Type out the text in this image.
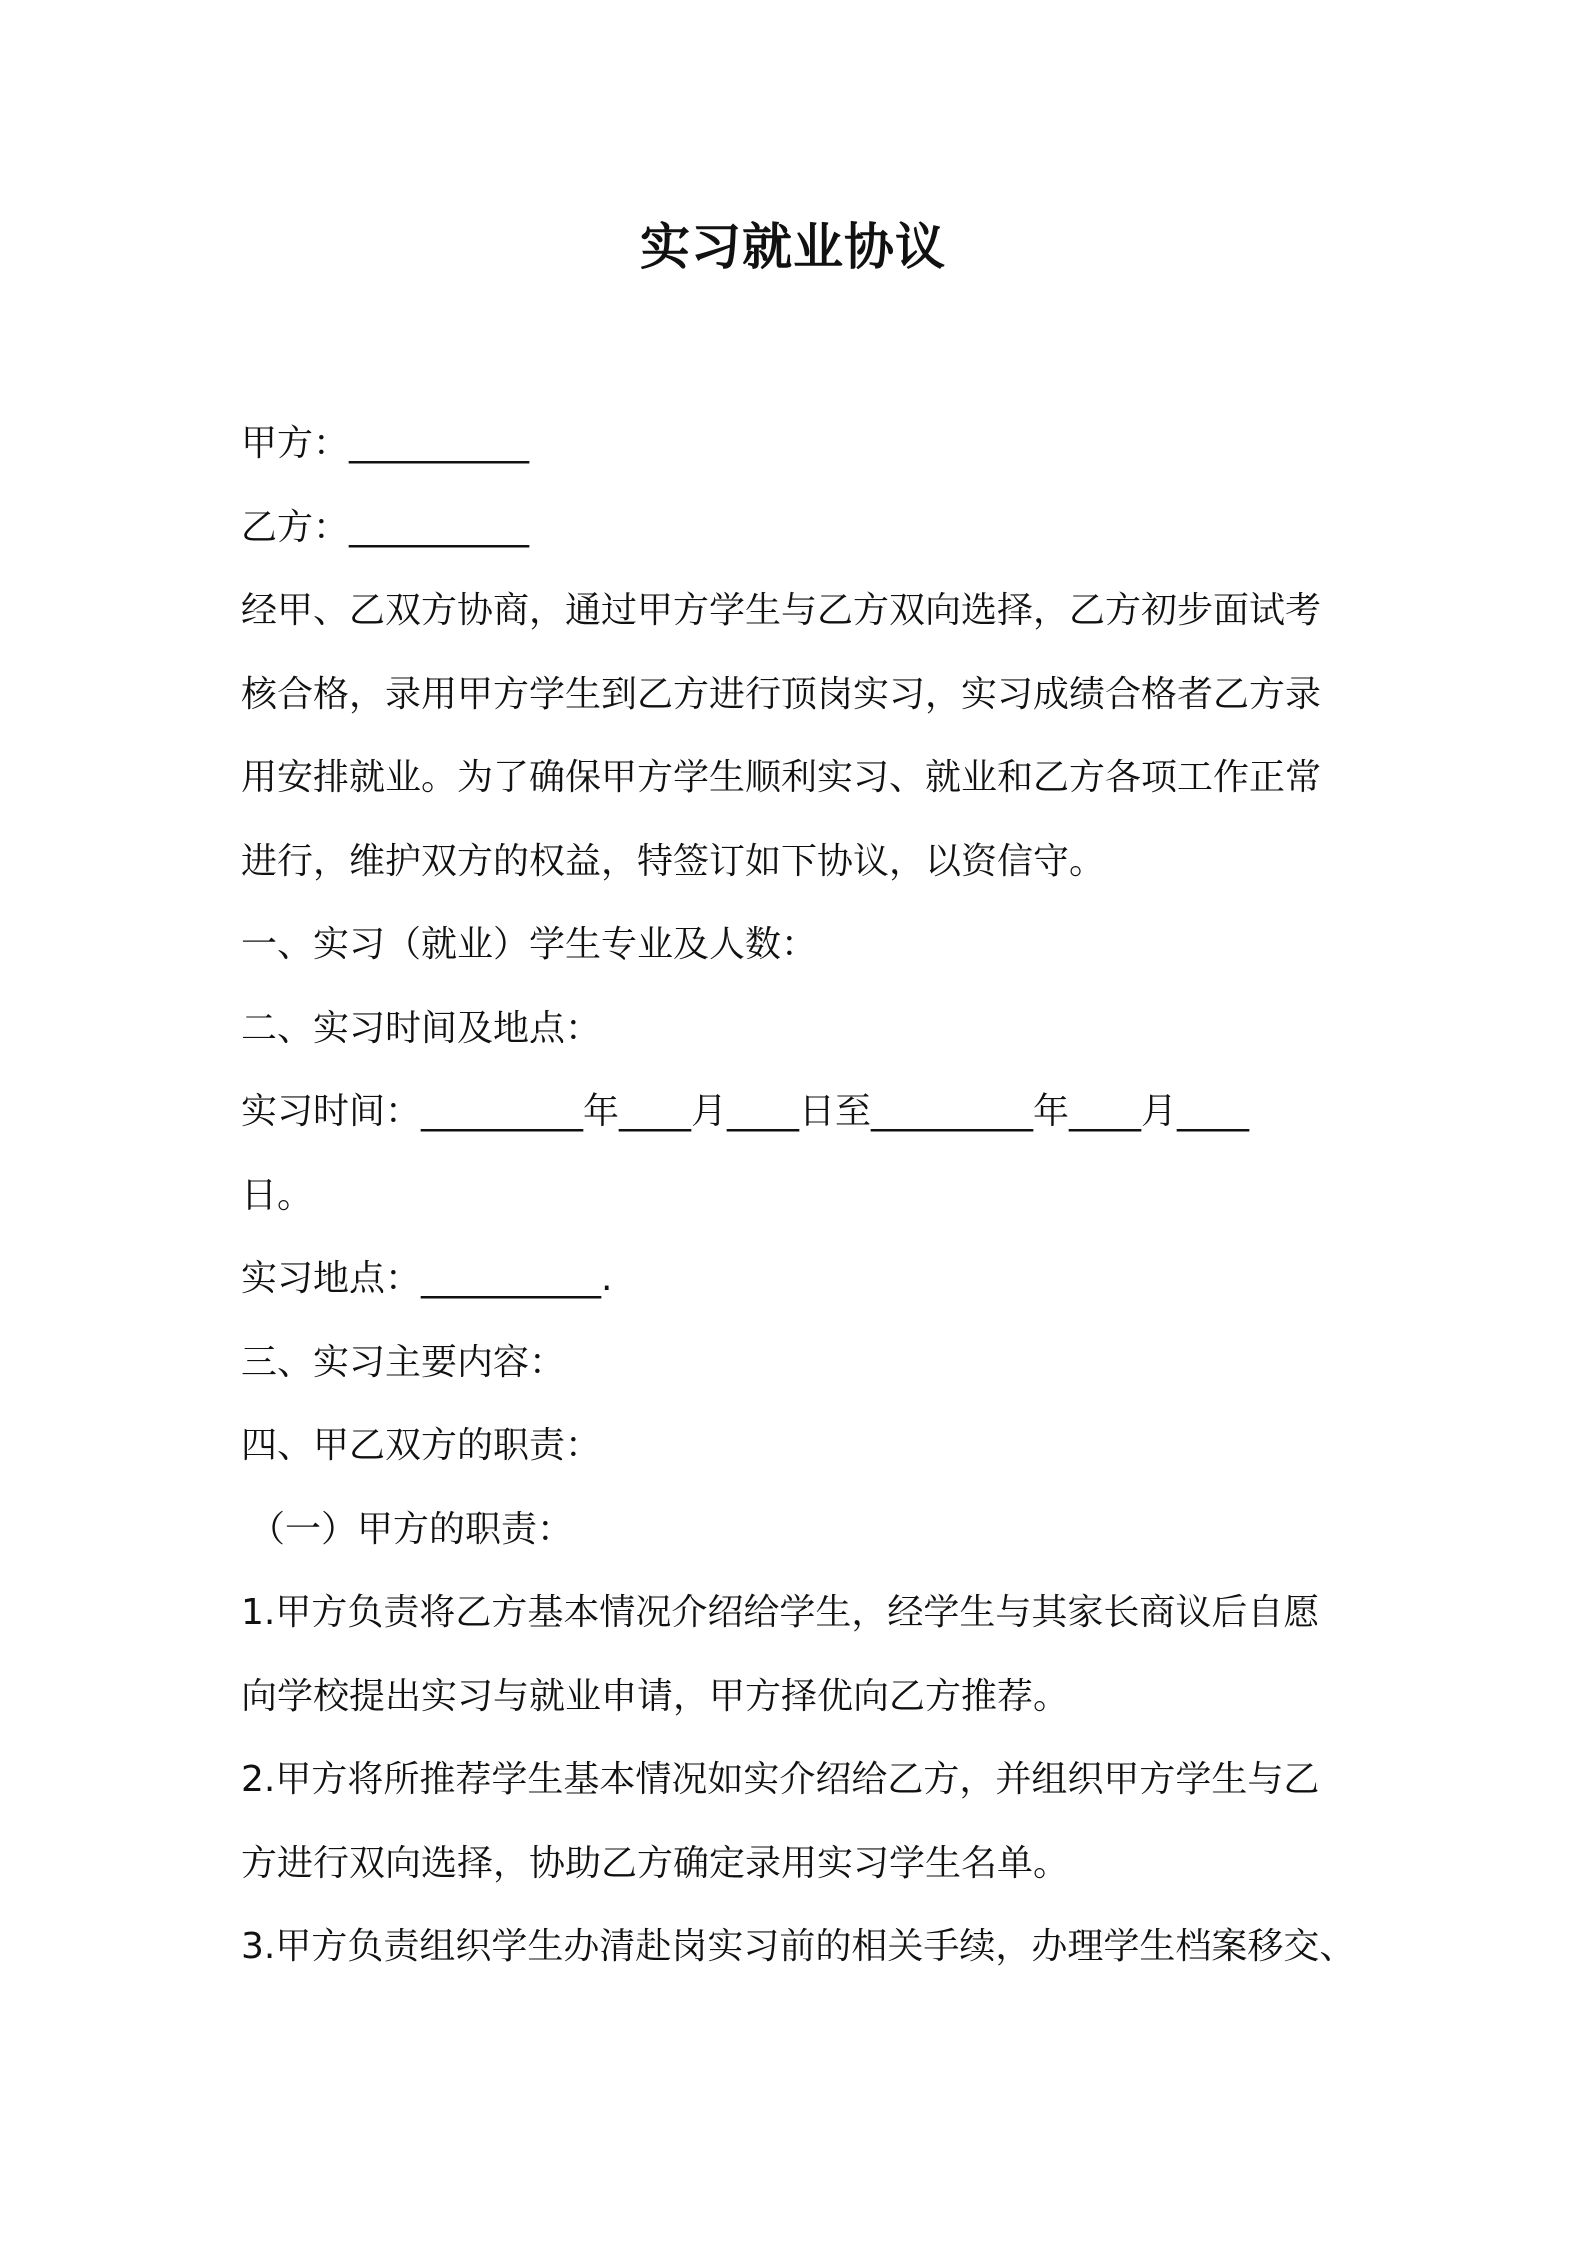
实习就业协议
甲方：__________
乙方：__________
经甲、乙双方协商，通过甲方学生与乙方双向选择，乙方初步面试考
核合格，录用甲方学生到乙方进行顶岗实习，实习成绩合格者乙方录
用安排就业。为了确保甲方学生顺利实习、就业和乙方各项工作正常
进行，维护双方的权益，特签订如下协议，以资信守。
一、实习（就业）学生专业及人数：
二、实习时间及地点：
实习时间：_________年____月____日至_________年____月____
日。
实习地点：__________.
三、实习主要内容：
四、甲乙双方的职责：
（一）甲方的职责：
1.甲方负责将乙方基本情况介绍给学生，经学生与其家长商议后自愿
向学校提出实习与就业申请，甲方择优向乙方推荐。
2.甲方将所推荐学生基本情况如实介绍给乙方，并组织甲方学生与乙
方进行双向选择，协助乙方确定录用实习学生名单。
3.甲方负责组织学生办清赴岗实习前的相关手续，办理学生档案移交、
